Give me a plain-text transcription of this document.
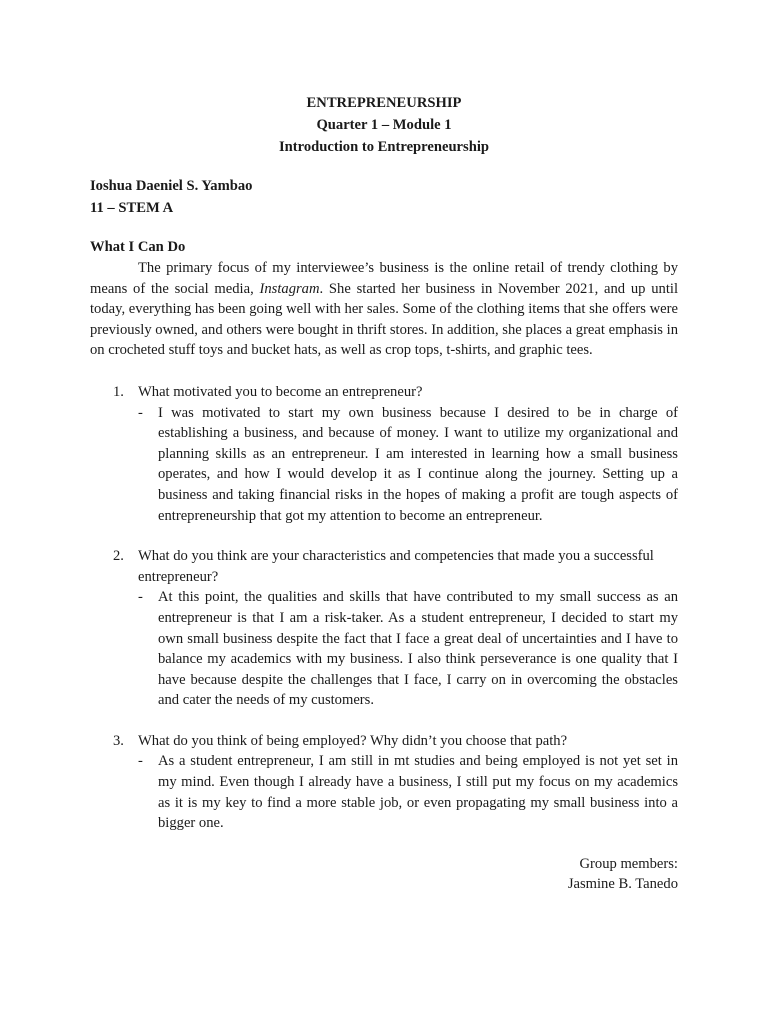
ENTREPRENEURSHIP
Quarter 1 – Module 1
Introduction to Entrepreneurship
Ioshua Daeniel S. Yambao
11 – STEM A
What I Can Do

The primary focus of my interviewee’s business is the online retail of trendy clothing by means of the social media, Instagram. She started her business in November 2021, and up until today, everything has been going well with her sales. Some of the clothing items that she offers were previously owned, and others were bought in thrift stores. In addition, she places a great emphasis in on crocheted stuff toys and bucket hats, as well as crop tops, t-shirts, and graphic tees.

1. What motivated you to become an entrepreneur?

- I was motivated to start my own business because I desired to be in charge of establishing a business, and because of money. I want to utilize my organizational and planning skills as an entrepreneur. I am interested in learning how a small business operates, and how I would develop it as I continue along the journey. Setting up a business and taking financial risks in the hopes of making a profit are tough aspects of entrepreneurship that got my attention to become an entrepreneur.

2. What do you think are your characteristics and competencies that made you a successful entrepreneur?

- At this point, the qualities and skills that have contributed to my small success as an entrepreneur is that I am a risk-taker. As a student entrepreneur, I decided to start my own small business despite the fact that I face a great deal of uncertainties and I have to balance my academics with my business. I also think perseverance is one quality that I have because despite the challenges that I face, I carry on in overcoming the obstacles and cater the needs of my customers.

3. What do you think of being employed? Why didn’t you choose that path?

- As a student entrepreneur, I am still in mt studies and being employed is not yet set in my mind. Even though I already have a business, I still put my focus on my academics as it is my key to find a more stable job, or even propagating my small business into a bigger one.

Group members:
Jasmine B. Tanedo
